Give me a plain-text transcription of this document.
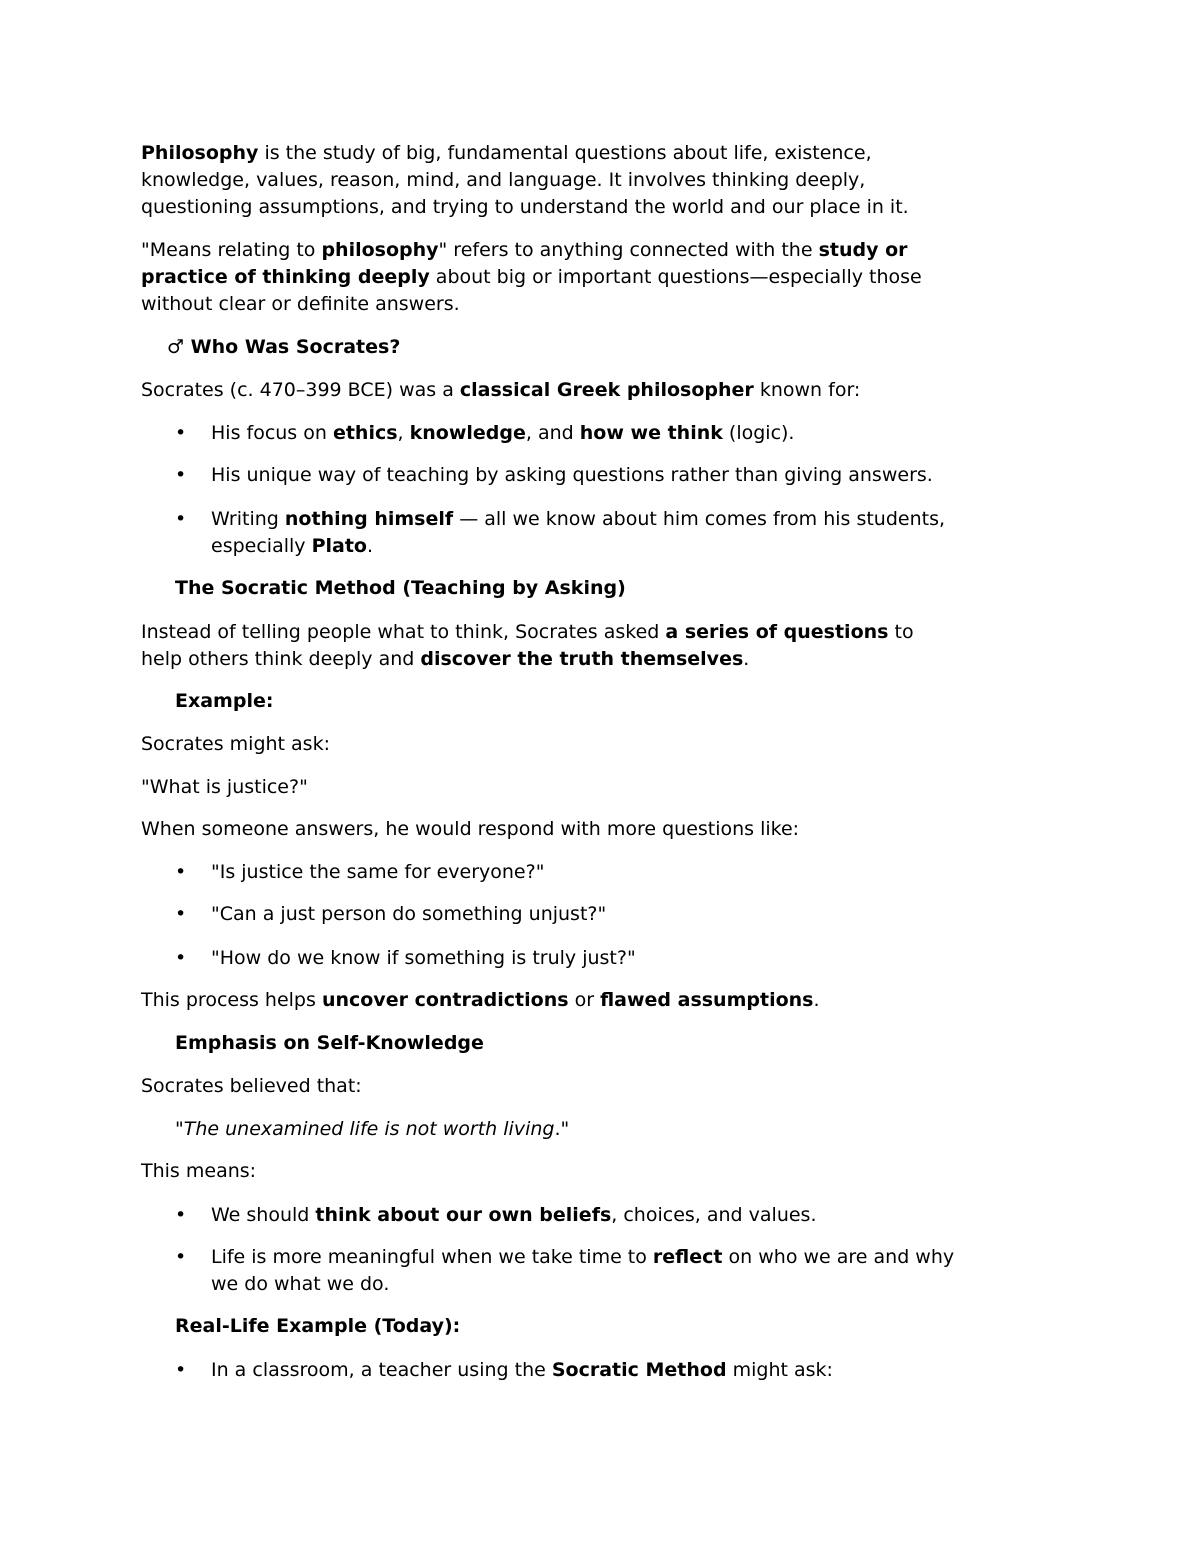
Philosophy is the study of big, fundamental questions about life, existence,
knowledge, values, reason, mind, and language. It involves thinking deeply,
questioning assumptions, and trying to understand the world and our place in it.
"Means relating to philosophy" refers to anything connected with the study or
practice of thinking deeply about big or important questions—especially those
without clear or definite answers.
♂ Who Was Socrates?
Socrates (c. 470–399 BCE) was a classical Greek philosopher known for:
• His focus on ethics, knowledge, and how we think (logic).
• His unique way of teaching by asking questions rather than giving answers.
• Writing nothing himself — all we know about him comes from his students,
especially Plato.
The Socratic Method (Teaching by Asking)
Instead of telling people what to think, Socrates asked a series of questions to
help others think deeply and discover the truth themselves.
Example:
Socrates might ask:
"What is justice?"
When someone answers, he would respond with more questions like:
• "Is justice the same for everyone?"
• "Can a just person do something unjust?"
• "How do we know if something is truly just?"
This process helps uncover contradictions or flawed assumptions.
Emphasis on Self-Knowledge
Socrates believed that:
"The unexamined life is not worth living."
This means:
• We should think about our own beliefs, choices, and values.
• Life is more meaningful when we take time to reflect on who we are and why
we do what we do.
Real-Life Example (Today):
• In a classroom, a teacher using the Socratic Method might ask:
